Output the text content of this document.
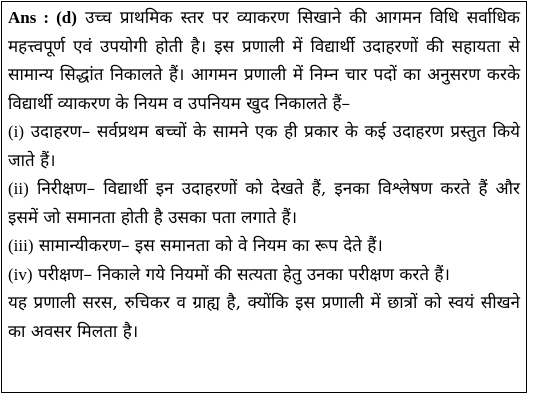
Ans : (d) उच्च प्राथमिक स्तर पर व्याकरण सिखाने की आगमन विधि सर्वाधिक महत्त्वपूर्ण एवं उपयोगी होती है। इस प्रणाली में विद्यार्थी उदाहरणों की सहायता से सामान्य सिद्धांत निकालते हैं। आगमन प्रणाली में निम्न चार पदों का अनुसरण करके विद्यार्थी व्याकरण के नियम व उपनियम खुद निकालते हैं–

(i) उदाहरण– सर्वप्रथम बच्चों के सामने एक ही प्रकार के कई उदाहरण प्रस्तुत किये जाते हैं।

(ii) निरीक्षण– विद्यार्थी इन उदाहरणों को देखते हैं, इनका विश्लेषण करते हैं और इसमें जो समानता होती है उसका पता लगाते हैं।

(iii) सामान्यीकरण– इस समानता को वे नियम का रूप देते हैं।

(iv) परीक्षण– निकाले गये नियमों की सत्यता हेतु उनका परीक्षण करते हैं।

यह प्रणाली सरस, रुचिकर व ग्राह्य है, क्योंकि इस प्रणाली में छात्रों को स्वयं सीखने का अवसर मिलता है।
